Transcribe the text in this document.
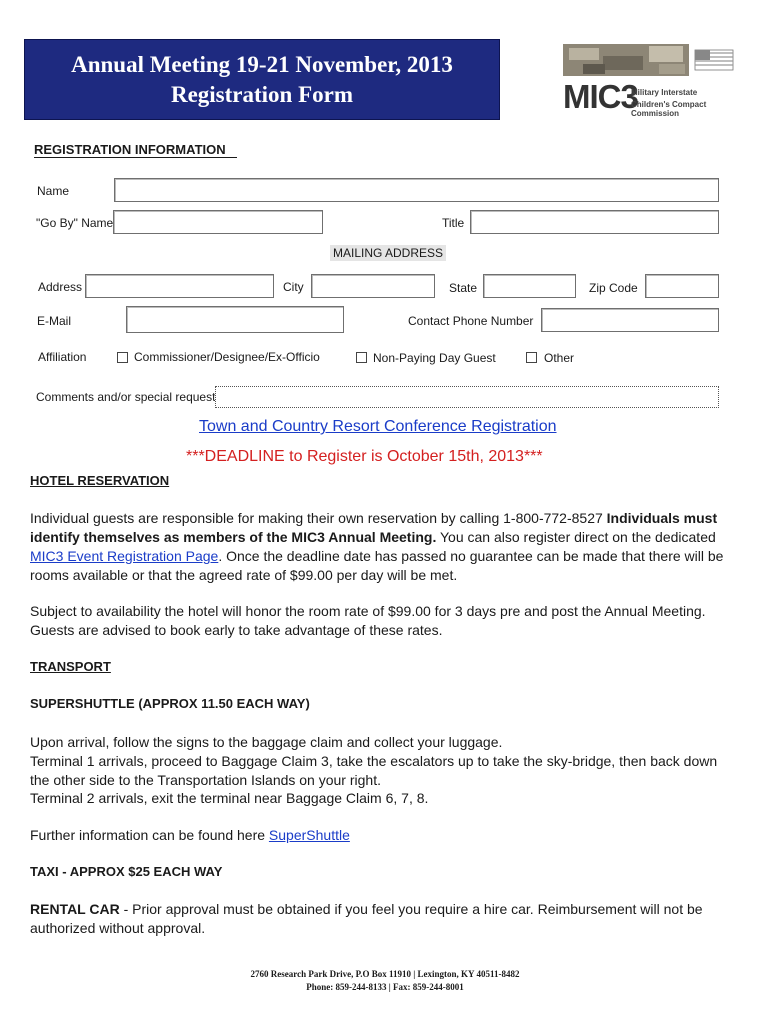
Annual Meeting 19-21 November, 2013
Registration Form	MIC3
Military Interstate
Children's Compact Commission
REGISTRATION INFORMATION
Name
"Go By" Name	Title
MAILING ADDRESS
Address	City	State	Zip Code
E-Mail	Contact Phone Number
Affiliation	Commissioner/Designee/Ex-Officio	Non-Paying Day Guest	Other
Comments and/or special request
Town and Country Resort Conference Registration
***DEADLINE to Register is October 15th, 2013***
HOTEL RESERVATION
Individual guests are responsible for making their own reservation by calling 1-800-772-8527 Individuals must identify themselves as members of the MIC3 Annual Meeting. You can also register direct on the dedicated MIC3 Event Registration Page. Once the deadline date has passed no guarantee can be made that there will be rooms available or that the agreed rate of $99.00 per day will be met.
Subject to availability the hotel will honor the room rate of $99.00 for 3 days pre and post the Annual Meeting. Guests are advised to book early to take advantage of these rates.
TRANSPORT
SUPERSHUTTLE (APPROX 11.50 EACH WAY)
Upon arrival, follow the signs to the baggage claim and collect your luggage.
Terminal 1 arrivals, proceed to Baggage Claim 3, take the escalators up to take the sky-bridge, then back down the other side to the Transportation Islands on your right.
Terminal 2 arrivals, exit the terminal near Baggage Claim 6, 7, 8.
Further information can be found here SuperShuttle
TAXI - APPROX $25 EACH WAY
RENTAL CAR - Prior approval must be obtained if you feel you require a hire car. Reimbursement will not be authorized without approval.
2760 Research Park Drive, P.O Box 11910 | Lexington, KY 40511-8482
Phone: 859-244-8133 | Fax: 859-244-8001
